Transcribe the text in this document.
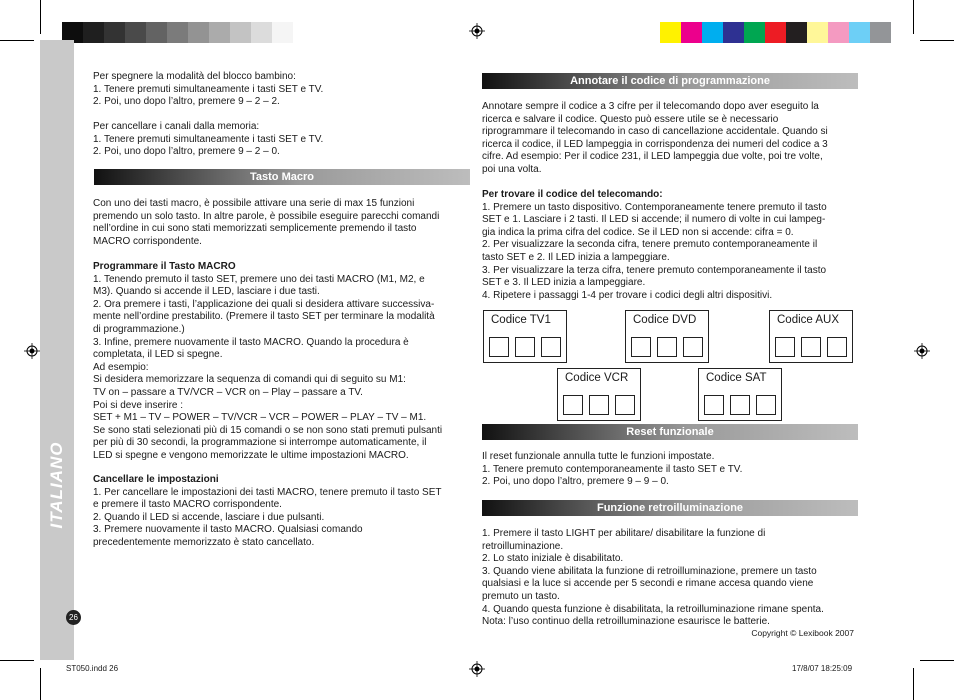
ITALIANO
26

Per spegnere la modalità del blocco bambino:

1. Tenere premuti simultaneamente i tasti SET e TV.

2. Poi, uno dopo l’altro, premere 9 – 2 – 2.

Per cancellare i canali dalla memoria:

1. Tenere premuti simultaneamente i tasti SET e TV.

2. Poi, uno dopo l’altro, premere 9 – 2 – 0.

Tasto Macro

Con uno dei tasti macro, è possibile attivare una serie di max 15 funzioni

premendo un solo tasto. In altre parole, è possibile eseguire parecchi comandi

nell’ordine in cui sono stati memorizzati semplicemente premendo il tasto

MACRO corrispondente.

Programmare il Tasto MACRO

1. Tenendo premuto il tasto SET, premere uno dei tasti MACRO (M1, M2, e

M3). Quando si accende il LED, lasciare i due tasti.

2. Ora premere i tasti, l’applicazione dei quali si desidera attivare successiva-

mente nell’ordine prestabilito. (Premere il tasto SET per terminare la modalità

di programmazione.)

3. Infine, premere nuovamente il tasto MACRO. Quando la procedura è

completata, il LED si spegne.

Ad esempio:

Si desidera memorizzare la sequenza di comandi qui di seguito su M1:

TV on – passare a TV/VCR – VCR on – Play – passare a TV.

Poi si deve inserire :

SET + M1 – TV – POWER – TV/VCR – VCR – POWER – PLAY – TV – M1.

Se sono stati selezionati più di 15 comandi o se non sono stati premuti pulsanti

per più di 30 secondi, la programmazione si interrompe automaticamente, il

LED si spegne e vengono memorizzate le ultime impostazioni MACRO.

Cancellare le impostazioni

1. Per cancellare le impostazioni dei tasti MACRO, tenere premuto il tasto SET

e premere il tasto MACRO corrispondente.

2. Quando il LED si accende, lasciare i due pulsanti.

3. Premere nuovamente il tasto MACRO. Qualsiasi comando

precedentemente memorizzato è stato cancellato.

Annotare il codice di programmazione

Annotare sempre il codice a 3 cifre per il telecomando dopo aver eseguito la

ricerca e salvare il codice. Questo può essere utile se è necessario

riprogrammare il telecomando in caso di cancellazione accidentale. Quando si

ricerca il codice, il LED lampeggia in corrispondenza dei numeri del codice a 3

cifre. Ad esempio: Per il codice 231, il LED lampeggia due volte, poi tre volte,

poi una volta.

Per trovare il codice del telecomando:

1. Premere un tasto dispositivo. Contemporaneamente tenere premuto il tasto

SET e 1. Lasciare i 2 tasti. Il LED si accende; il numero di volte in cui lampeg-

gia indica la prima cifra del codice. Se il LED non si accende: cifra = 0.

2. Per visualizzare la seconda cifra, tenere premuto contemporaneamente il

tasto SET e 2. Il LED inizia a lampeggiare.

3. Per visualizzare la terza cifra, tenere premuto contemporaneamente il tasto

SET e 3. Il LED inizia a lampeggiare.

4. Ripetere i passaggi 1-4 per trovare i codici degli altri dispositivi.

Codice TV1	Codice DVD	Codice AUX
Codice VCR	Codice SAT
Reset funzionale

Il reset funzionale annulla tutte le funzioni impostate.

1. Tenere premuto contemporaneamente il tasto SET e TV.

2. Poi, uno dopo l’altro, premere 9 – 9 – 0.

Funzione retroilluminazione

1. Premere il tasto LIGHT per abilitare/ disabilitare la funzione di

retroilluminazione.

2. Lo stato iniziale è disabilitato.

3. Quando viene abilitata la funzione di retroilluminazione, premere un tasto

qualsiasi e la luce si accende per 5 secondi e rimane accesa quando viene

premuto un tasto.

4. Quando questa funzione è disabilitata, la retroilluminazione rimane spenta.

Nota: l’uso continuo della retroilluminazione esaurisce le batterie.

Copyright © Lexibook 2007
ST050.indd 26	17/8/07 18:25:09
